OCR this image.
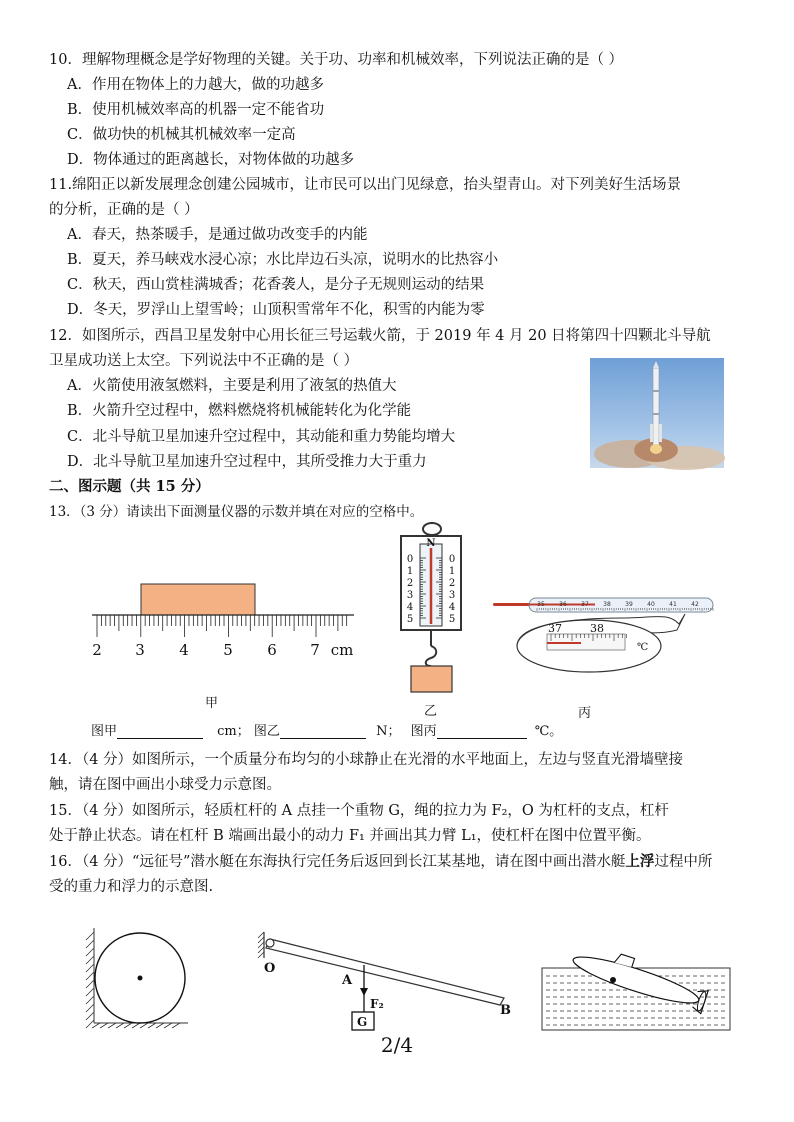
10．理解物理概念是学好物理的关键。关于功、功率和机械效率，下列说法正确的是（ ）
A．作用在物体上的力越大，做的功越多
B．使用机械效率高的机器一定不能省功
C．做功快的机械其机械效率一定高
D．物体通过的距离越长，对物体做的功越多
11.绵阳正以新发展理念创建公园城市，让市民可以出门见绿意，抬头望青山。对下列美好生活场景
的分析，正确的是（ ）
A．春天，热茶暖手，是通过做功改变手的内能
B．夏天，养马峡戏水浸心凉；水比岸边石头凉，说明水的比热容小
C．秋天，西山赏桂满城香；花香袭人，是分子无规则运动的结果
D．冬天，罗浮山上望雪岭；山顶积雪常年不化，积雪的内能为零
12．如图所示，西昌卫星发射中心用长征三号运载火箭，于 2019 年 4 月 20 日将第四十四颗北斗导航
卫星成功送上太空。下列说法中不正确的是（ ）
A．火箭使用液氢燃料，主要是利用了液氢的热值大
B．火箭升空过程中，燃料燃烧将机械能转化为化学能
C．北斗导航卫星加速升空过程中，其动能和重力势能均增大
D．北斗导航卫星加速升空过程中，其所受推力大于重力
二、图示题（共 15 分）
13．（3 分）请读出下面测量仪器的示数并填在对应的空格中。
2 3 4 5 6 7 cm
甲
N
0
1
2
3
4
5
0
1
2
3
4
5
乙
35 36 37 38 39 40 41 42
37	38
℃
丙
图甲	cm； 图乙	N； 图丙	℃。
14．（4 分）如图所示，一个质量分布均匀的小球静止在光滑的水平地面上，左边与竖直光滑墙壁接
触，请在图中画出小球受力示意图。
15．（4 分）如图所示，轻质杠杆的 A 点挂一个重物 G，绳的拉力为 F₂，O 为杠杆的支点，杠杆
处于静止状态。请在杠杆 B 端画出最小的动力 F₁ 并画出其力臂 L₁，使杠杆在图中位置平衡。
16．（4 分）“远征号”潜水艇在东海执行完任务后返回到长江某基地，请在图中画出潜水艇上浮过程中所
受的重力和浮力的示意图.
O
A
B
F₂
G
2/4
